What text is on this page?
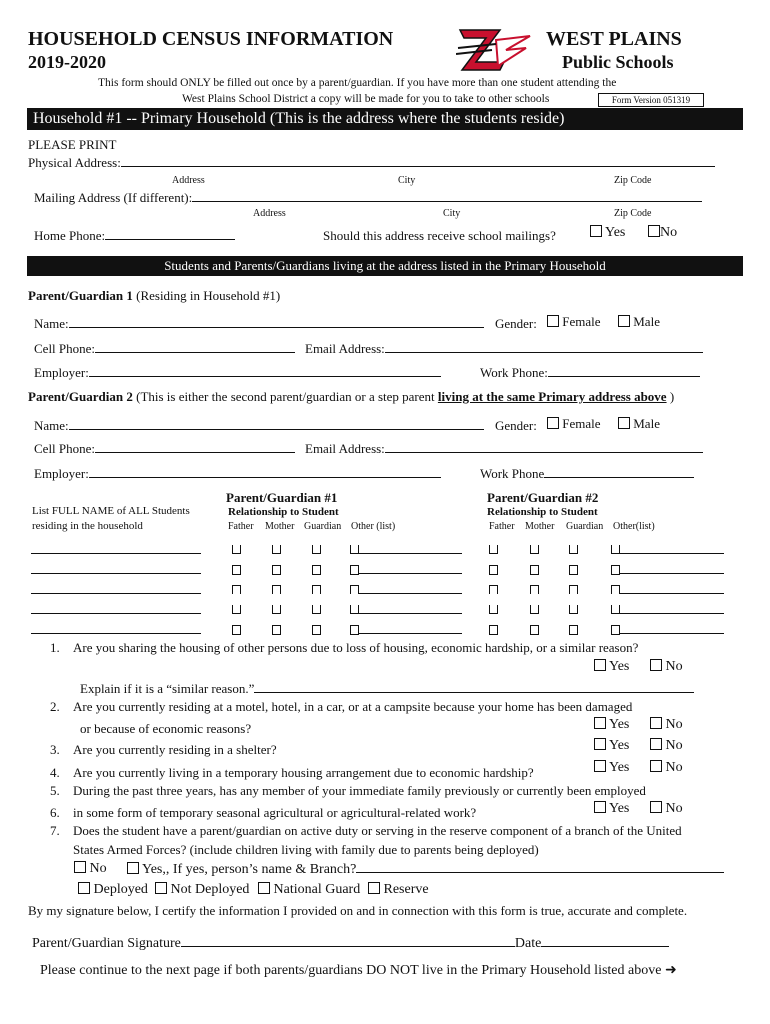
HOUSEHOLD CENSUS INFORMATION
2019-2020
WEST PLAINS
Public Schools
This form should ONLY be filled out once by a parent/guardian. If you have more than one student attending the
West Plains School District a copy will be made for you to take to other schools	Form Version 051319
Household #1 -- Primary Household (This is the address where the students reside)
PLEASE PRINT
Physical Address:
Address	City	Zip Code
Mailing Address (If different):
Address	City	Zip Code
Home Phone:	Should this address receive school mailings?	Yes	No
Students and Parents/Guardians living at the address listed in the Primary Household
Parent/Guardian 1 (Residing in Household #1)
Name:	Gender:	Female	Male
Cell Phone:	Email Address:
Employer:	Work Phone:
Parent/Guardian 2 (This is either the second parent/guardian or a step parent living at the same Primary address above )
Name:	Gender:	Female	Male
Cell Phone:	Email Address:
Employer:	Work Phone
Parent/Guardian #1	Parent/Guardian #2
List FULL NAME of ALL Students
residing in the household
Relationship to Student	Relationship to Student
Father Mother Guardian Other (list)	Father Mother Guardian Other(list)
1. Are you sharing the housing of other persons due to loss of housing, economic hardship, or a similar reason?
Yes	No
Explain if it is a “similar reason.”
2. Are you currently residing at a motel, hotel, in a car, or at a campsite because your home has been damaged
or because of economic reasons?	Yes	No
3. Are you currently residing in a shelter?	Yes	No
4. Are you currently living in a temporary housing arrangement due to economic hardship?	Yes	No
5. During the past three years, has any member of your immediate family previously or currently been employed
6. in some form of temporary seasonal agricultural or agricultural-related work?	Yes	No
7. Does the student have a parent/guardian on active duty or serving in the reserve component of a branch of the United
States Armed Forces? (include children living with family due to parents being deployed)
No	Yes,, If yes, person’s name & Branch?
Deployed	Not Deployed	National Guard	Reserve
By my signature below, I certify the information I provided on and in connection with this form is true, accurate and complete.
Parent/Guardian Signature	Date
Please continue to the next page if both parents/guardians DO NOT live in the Primary Household listed above ➜
